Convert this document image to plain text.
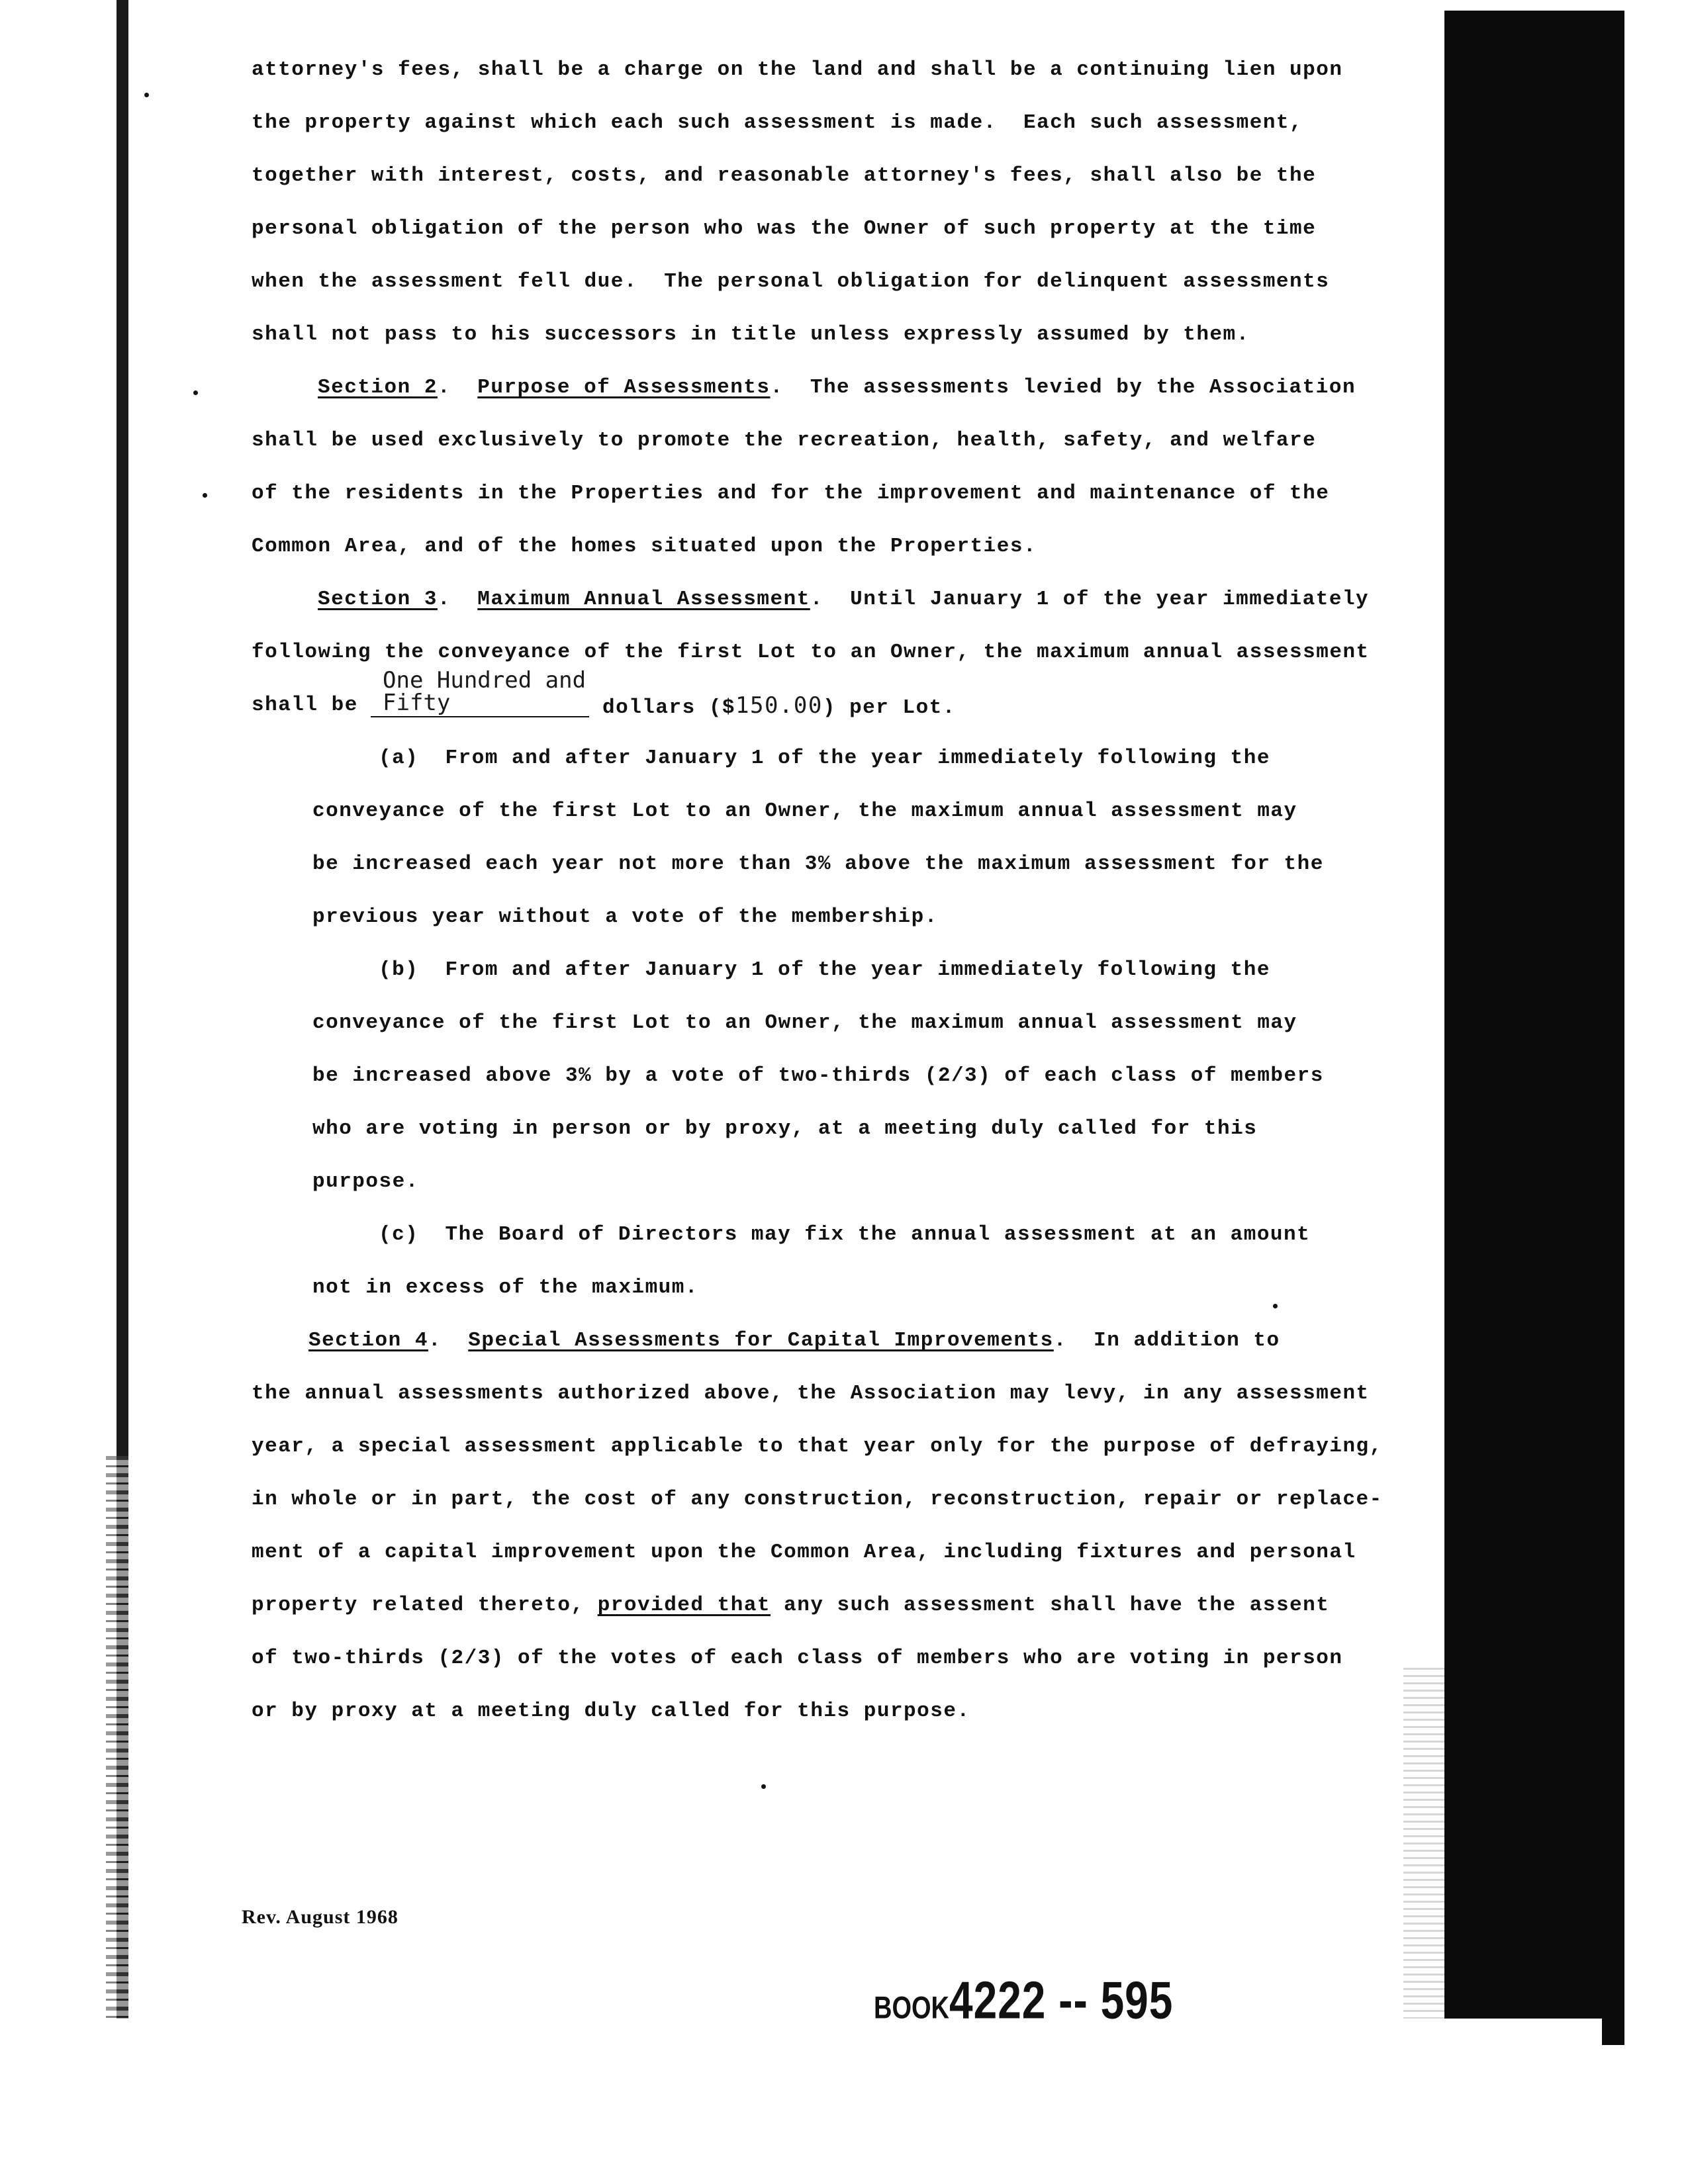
attorney's fees, shall be a charge on the land and shall be a continuing lien upon
the property against which each such assessment is made.  Each such assessment,
together with interest, costs, and reasonable attorney's fees, shall also be the
personal obligation of the person who was the Owner of such property at the time
when the assessment fell due.  The personal obligation for delinquent assessments
shall not pass to his successors in title unless expressly assumed by them.
Section 2.  Purpose of Assessments.  The assessments levied by the Association
shall be used exclusively to promote the recreation, health, safety, and welfare
of the residents in the Properties and for the improvement and maintenance of the
Common Area, and of the homes situated upon the Properties.
Section 3.  Maximum Annual Assessment.  Until January 1 of the year immediately
following the conveyance of the first Lot to an Owner, the maximum annual assessment
One Hundred and
shall be Fifty	dollars ($150.00) per Lot.
(a) From and after January 1 of the year immediately following the
conveyance of the first Lot to an Owner, the maximum annual assessment may
be increased each year not more than 3% above the maximum assessment for the
previous year without a vote of the membership.
(b) From and after January 1 of the year immediately following the
conveyance of the first Lot to an Owner, the maximum annual assessment may
be increased above 3% by a vote of two-thirds (2/3) of each class of members
who are voting in person or by proxy, at a meeting duly called for this
purpose.
(c) The Board of Directors may fix the annual assessment at an amount
not in excess of the maximum.
Section 4.  Special Assessments for Capital Improvements.  In addition to
the annual assessments authorized above, the Association may levy, in any assessment
year, a special assessment applicable to that year only for the purpose of defraying,
in whole or in part, the cost of any construction, reconstruction, repair or replace-
ment of a capital improvement upon the Common Area, including fixtures and personal
property related thereto, provided that any such assessment shall have the assent
of two-thirds (2/3) of the votes of each class of members who are voting in person
or by proxy at a meeting duly called for this purpose.
Rev. August 1968
BOOK4222 -- 595
